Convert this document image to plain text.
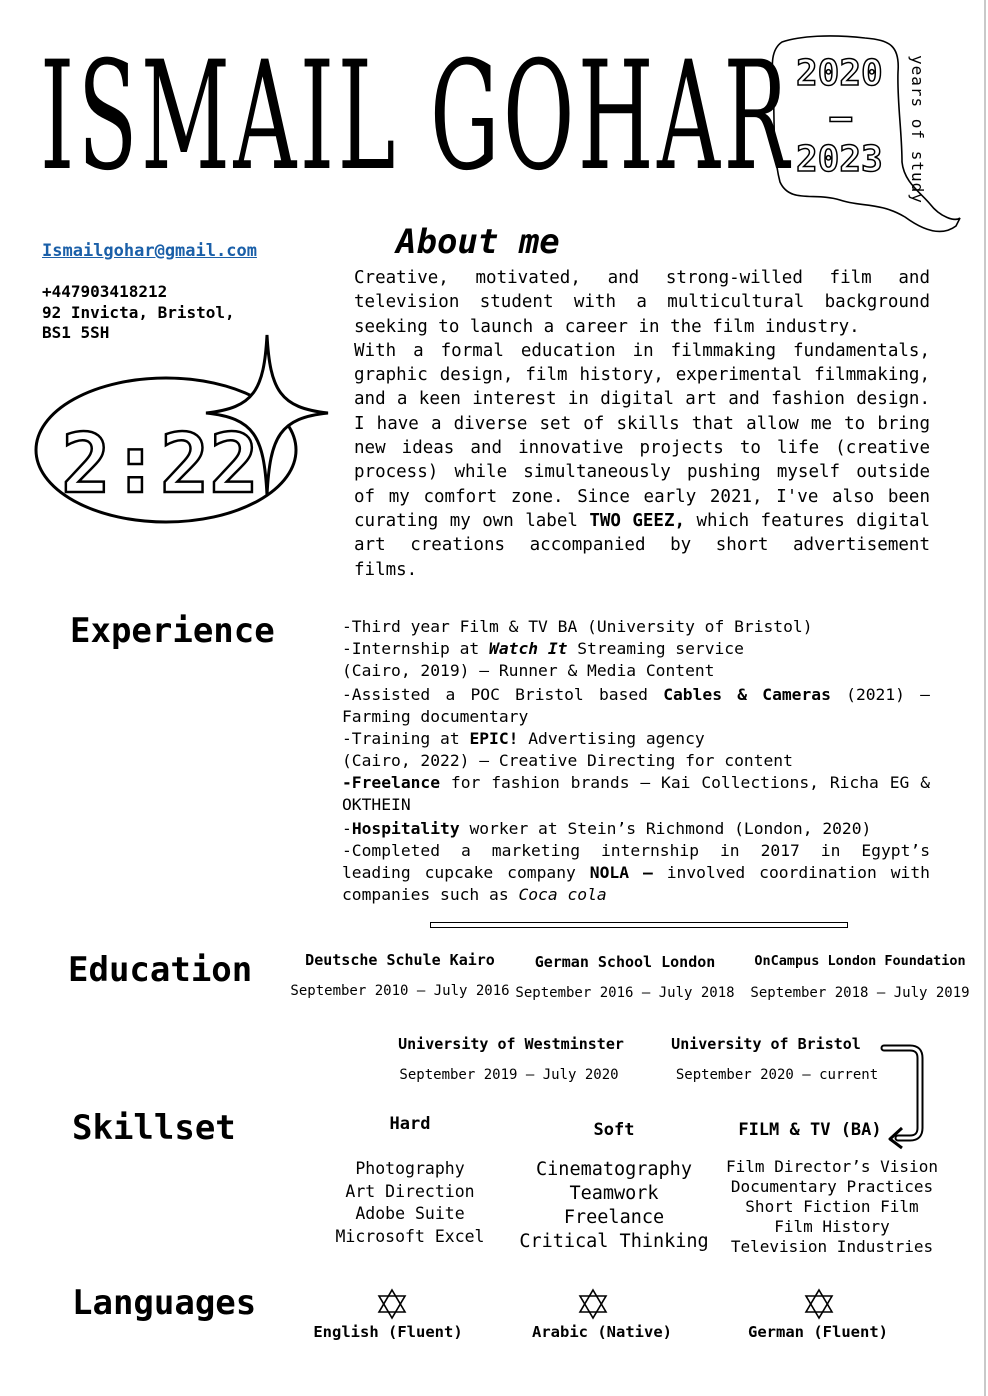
ISMAIL GOHAR 2020
—
2023 years of study
Ismailgohar@gmail.com
+447903418212
92 Invicta, Bristol,
BS1 5SH
2:22
About me
Creative, motivated, and strong-willed film and television student with a multicultural background seeking to launch a career in the film industry.
With a formal education in filmmaking fundamentals, graphic design, film history, experimental filmmaking, and a keen interest in digital art and fashion design. I have a diverse set of skills that allow me to bring new ideas and innovative projects to life (creative process) while simultaneously pushing myself outside of my comfort zone. Since early 2021, I've also been curating my own label TWO GEEZ, which features digital art creations accompanied by short advertisement films.
Experience	-Third year Film & TV BA (University of Bristol)

-Internship at Watch It Streaming service
(Cairo, 2019) – Runner & Media Content

-Assisted a POC Bristol based Cables & Cameras (2021) – Farming documentary

-Training at EPIC! Advertising agency
(Cairo, 2022) – Creative Directing for content

-Freelance for fashion brands – Kai Collections, Richa EG & OKTHEIN

-Hospitality worker at Stein’s Richmond (London, 2020)

-Completed a marketing internship in 2017 in Egypt’s leading cupcake company NOLA – involved coordination with companies such as Coca cola

Education	Deutsche Schule Kairo
September 2010 – July 2016
German School London
September 2016 – July 2018
OnCampus London Foundation
September 2018 – July 2019
University of Westminster
September 2019 – July 2020
University of Bristol
September 2020 – current
Skillset	Hard
Photography
Art Direction
Adobe Suite
Microsoft Excel
Soft
Cinematography
Teamwork
Freelance
Critical Thinking
FILM & TV (BA)
Film Director’s Vision
Documentary Practices
Short Fiction Film
Film History
Television Industries
Languages
English (Fluent)	Arabic (Native)	German (Fluent)
